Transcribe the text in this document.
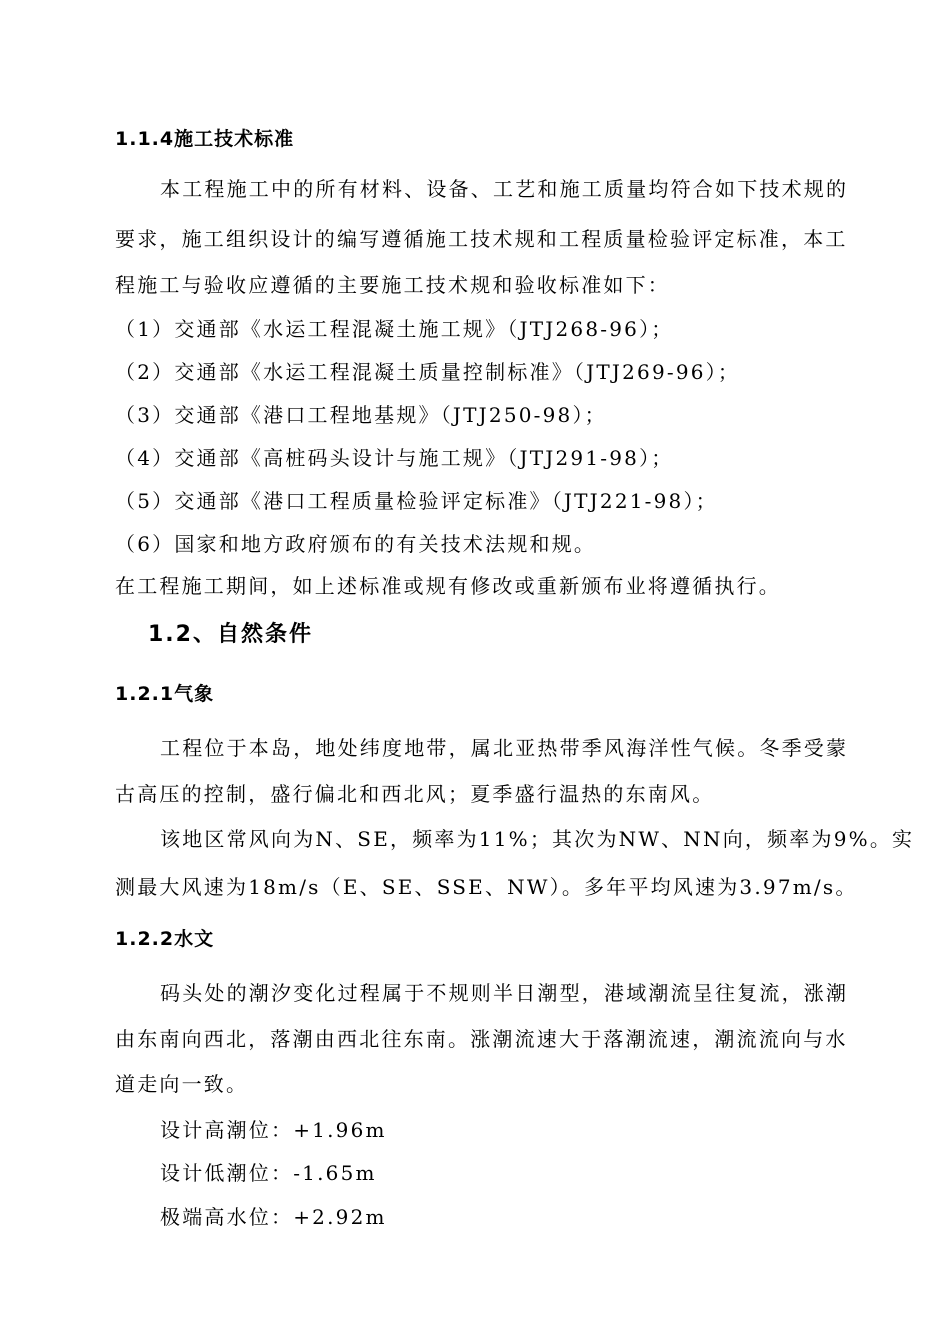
1.1.4施工技术标准
本工程施工中的所有材料、设备、工艺和施工质量均符合如下技术规的
要求，施工组织设计的编写遵循施工技术规和工程质量检验评定标准，本工
程施工与验收应遵循的主要施工技术规和验收标准如下：
（1）交通部《水运工程混凝土施工规》（JTJ268-96）；
（2）交通部《水运工程混凝土质量控制标准》（JTJ269-96）；
（3）交通部《港口工程地基规》（JTJ250-98）；
（4）交通部《高桩码头设计与施工规》（JTJ291-98）；
（5）交通部《港口工程质量检验评定标准》（JTJ221-98）；
（6）国家和地方政府颁布的有关技术法规和规。
在工程施工期间，如上述标准或规有修改或重新颁布业将遵循执行。
1.2、自然条件
1.2.1气象
工程位于本岛，地处纬度地带，属北亚热带季风海洋性气候。冬季受蒙
古高压的控制，盛行偏北和西北风；夏季盛行温热的东南风。
该地区常风向为N、SE，频率为11%；其次为NW、NN向，频率为9%。实
测最大风速为18m/s（E、SE、SSE、NW）。多年平均风速为3.97m/s。
1.2.2水文
码头处的潮汐变化过程属于不规则半日潮型，港域潮流呈往复流，涨潮
由东南向西北，落潮由西北往东南。涨潮流速大于落潮流速，潮流流向与水
道走向一致。
设计高潮位：+1.96m
设计低潮位：-1.65m
极端高水位：+2.92m
